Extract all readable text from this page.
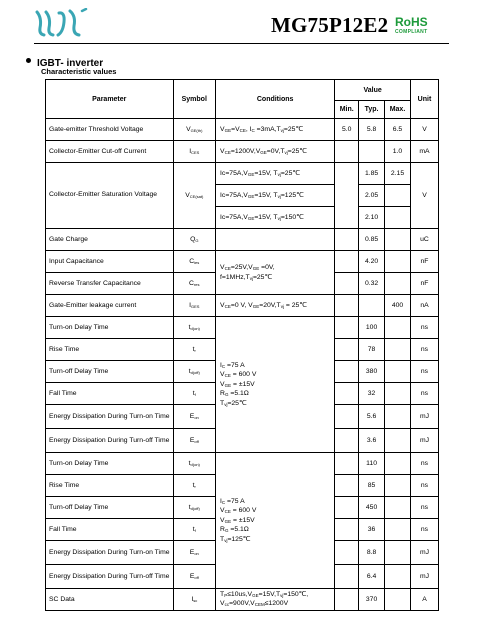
MG75P12E2 RoHS
COMPLIANT
IGBT- inverter
Characteristic values
Parameter	Symbol	Conditions	Value			Unit
			Min.	Typ.	Max.	
Gate-emitter Threshold Voltage	$V_{GE(th)}$	$V_{GE}=V_{CE}$, $I_C$ $=3mA,T_{vj}=25℃$	5.0	5.8	6.5	V
Collector-Emitter Cut-off Current	$I_{CES}$	$V_{CE}=1200V,V_{GE}=0V,T_{vj}=25℃$			1.0	mA
Collector-Emitter Saturation Voltage	$V_{CE(sat)}$	$Ic=75A,V_{GE}=15V$, $T_{vj}=25℃$		1.85	2.15	V
		$Ic=75A,V_{GE}=15V$, $T_{vj}=125℃$		2.05		
		$Ic=75A,V_{GE}=15V$, $T_{vj}=150℃$		2.10		
Gate Charge	$Q_G$			0.85		uC
Input Capacitance	$C_{ies}$	$V_{CE}=25V,V_{GE} =0V$,
$f=1MHz,T_{vj}=25℃$		4.20		nF
Reverse Transfer Capacitance	$C_{res}$			0.32		nF
Gate-Emitter leakage current	$I_{GES}$	$V_{CE}=0$ V, $V_{GE}=20V,T_{vj}$ = 25℃			400	nA
Turn-on Delay Time	$t_{d(on)}$	$I_C =75$ A
$V_{CE} = 600$ V
$V_{GE} = \pm 15V$
$R_G =5.1\Omega$
$T_{vj}=25℃$		100		ns
Rise Time	$t_r$			78		ns
Turn-off Delay Time	$t_{d(off)}$			380		ns
Fall Time	$t_f$			32		ns
Energy Dissipation During Turn-on Time	$E_{on}$			5.6		mJ
Energy Dissipation During Turn-off Time	$E_{off}$			3.6		mJ
Turn-on Delay Time	$t_{d(on)}$	$I_C =75$ A
$V_{CE} = 600$ V
$V_{GE} = \pm 15V$
$R_G =5.1\Omega$
$T_{vj}=125℃$		110		ns
Rise Time	$t_r$			85		ns
Turn-off Delay Time	$t_{d(off)}$			450		ns
Fall Time	$t_f$			36		ns
Energy Dissipation During Turn-on Time	$E_{on}$			8.8		mJ
Energy Dissipation During Turn-off Time	$E_{off}$			6.4		mJ
SC Data	$I_{sc}$	$T_P\le 10us,V_{GE}=15V,T_{vj}=150℃$,
$V_{cc}=900V,V_{CEM}\le 1200V$		370		A
